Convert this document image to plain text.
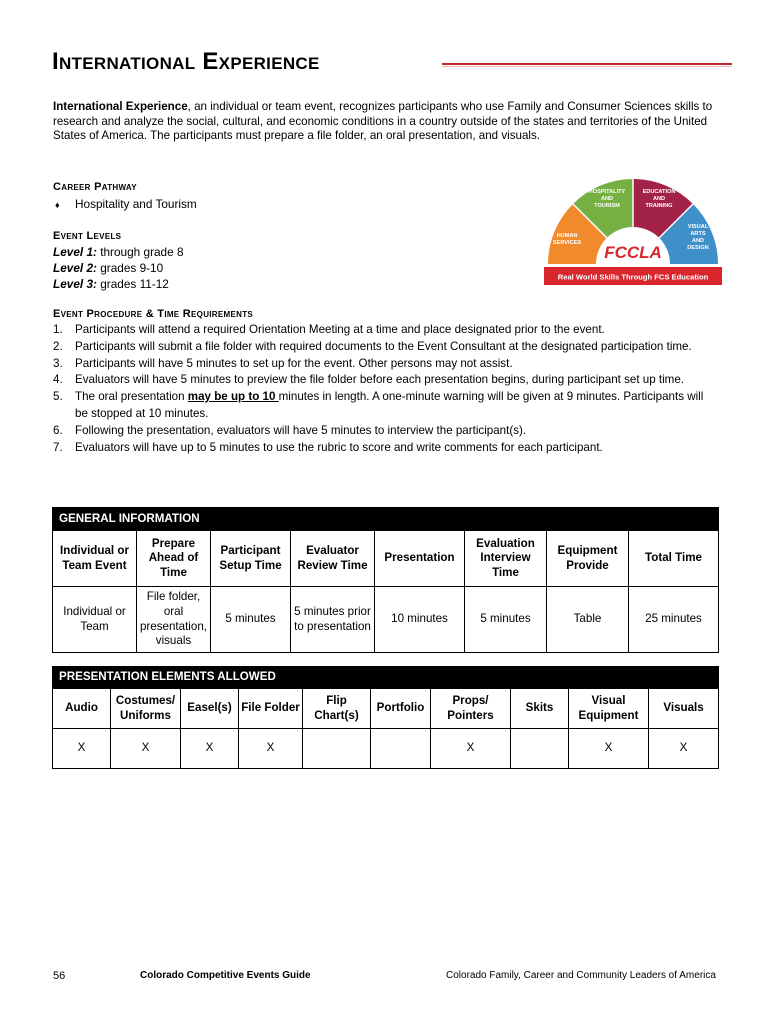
International Experience
International Experience, an individual or team event, recognizes participants who use Family and Consumer Sciences skills to research and analyze the social, cultural, and economic conditions in a country outside of the states and territories of the United States of America. The participants must prepare a file folder, an oral presentation, and visuals.
Career Pathway
♦ Hospitality and Tourism
Event Levels
Level 1: through grade 8
Level 2: grades 9-10
Level 3: grades 11-12
HOSPITALITY
AND
TOURISM
EDUCATION
AND
TRAINING
HUMAN
SERVICES
VISUAL
ARTS
AND
DESIGN
FCCLA
Real World Skills Through FCS Education
Event Procedure & Time Requirements
1.	Participants will attend a required Orientation Meeting at a time and place designated prior to the event.
2.	Participants will submit a file folder with required documents to the Event Consultant at the designated participation time.
3.	Participants will have 5 minutes to set up for the event. Other persons may not assist.
4.	Evaluators will have 5 minutes to preview the file folder before each presentation begins, during participant set up time.
5.	The oral presentation may be up to 10 minutes in length. A one-minute warning will be given at 9 minutes. Participants will be stopped at 10 minutes.
6.	Following the presentation, evaluators will have 5 minutes to interview the participant(s).
7.	Evaluators will have up to 5 minutes to use the rubric to score and write comments for each participant.
GENERAL INFORMATION							
Individual or Team Event	Prepare Ahead of Time	Participant Setup Time	Evaluator Review Time	Presentation	Evaluation Interview Time	Equipment Provide	Total Time
Individual or Team	File folder, oral presentation, visuals	5 minutes	5 minutes prior to presentation	10 minutes	5 minutes	Table	25 minutes
PRESENTATION ELEMENTS ALLOWED									
Audio	Costumes/ Uniforms	Easel(s)	File Folder	Flip Chart(s)	Portfolio	Props/ Pointers	Skits	Visual Equipment	Visuals
X	X	X	X			X		X	X
56	Colorado Competitive Events Guide	Colorado Family, Career and Community Leaders of America
